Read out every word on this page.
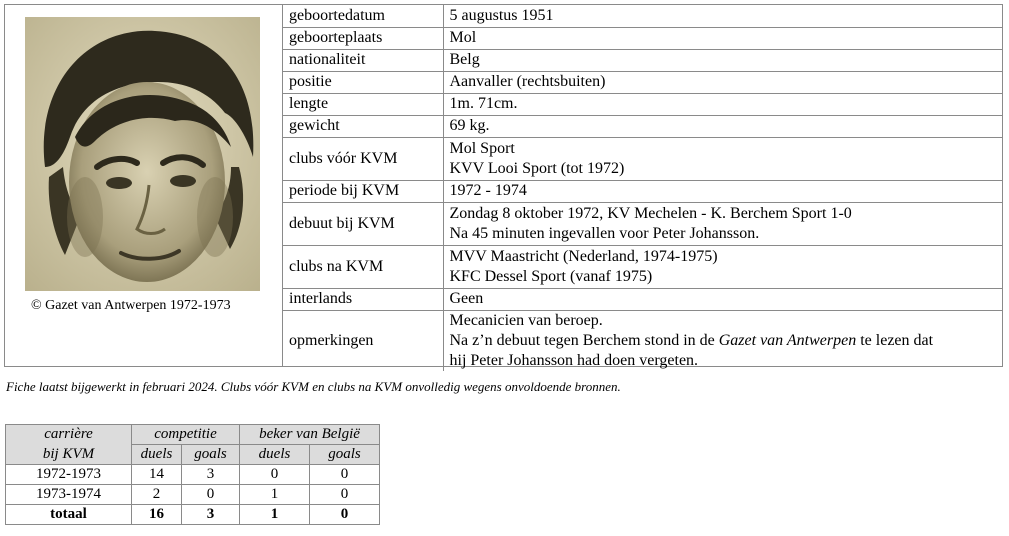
© Gazet van Antwerpen 1972-1973
geboortedatum	5 augustus 1951

geboorteplaats	Mol

nationaliteit	Belg

positie	Aanvaller (rechtsbuiten)

lengte	1m. 71cm.

gewicht	69 kg.

clubs vóór KVM	Mol Sport
KVV Looi Sport (tot 1972)

periode bij KVM	1972 - 1974

debuut bij KVM	Zondag 8 oktober 1972, KV Mechelen - K. Berchem Sport 1-0
Na 45 minuten ingevallen voor Peter Johansson.

clubs na KVM	MVV Maastricht (Nederland, 1974-1975)
KFC Dessel Sport (vanaf 1975)

interlands	Geen

opmerkingen	Mecanicien van beroep.
Na z’n debuut tegen Berchem stond in de Gazet van Antwerpen te lezen dat
hij Peter Johansson had doen vergeten.
Fiche laatst bijgewerkt in februari 2024. Clubs vóór KVM en clubs na KVM onvolledig wegens onvoldoende bronnen.
carrière	competitie		beker van België	
bij KVM	duels	goals	duels	goals
1972-1973	14	3	0	0
1973-1974	2	0	1	0
totaal	16	3	1	0
